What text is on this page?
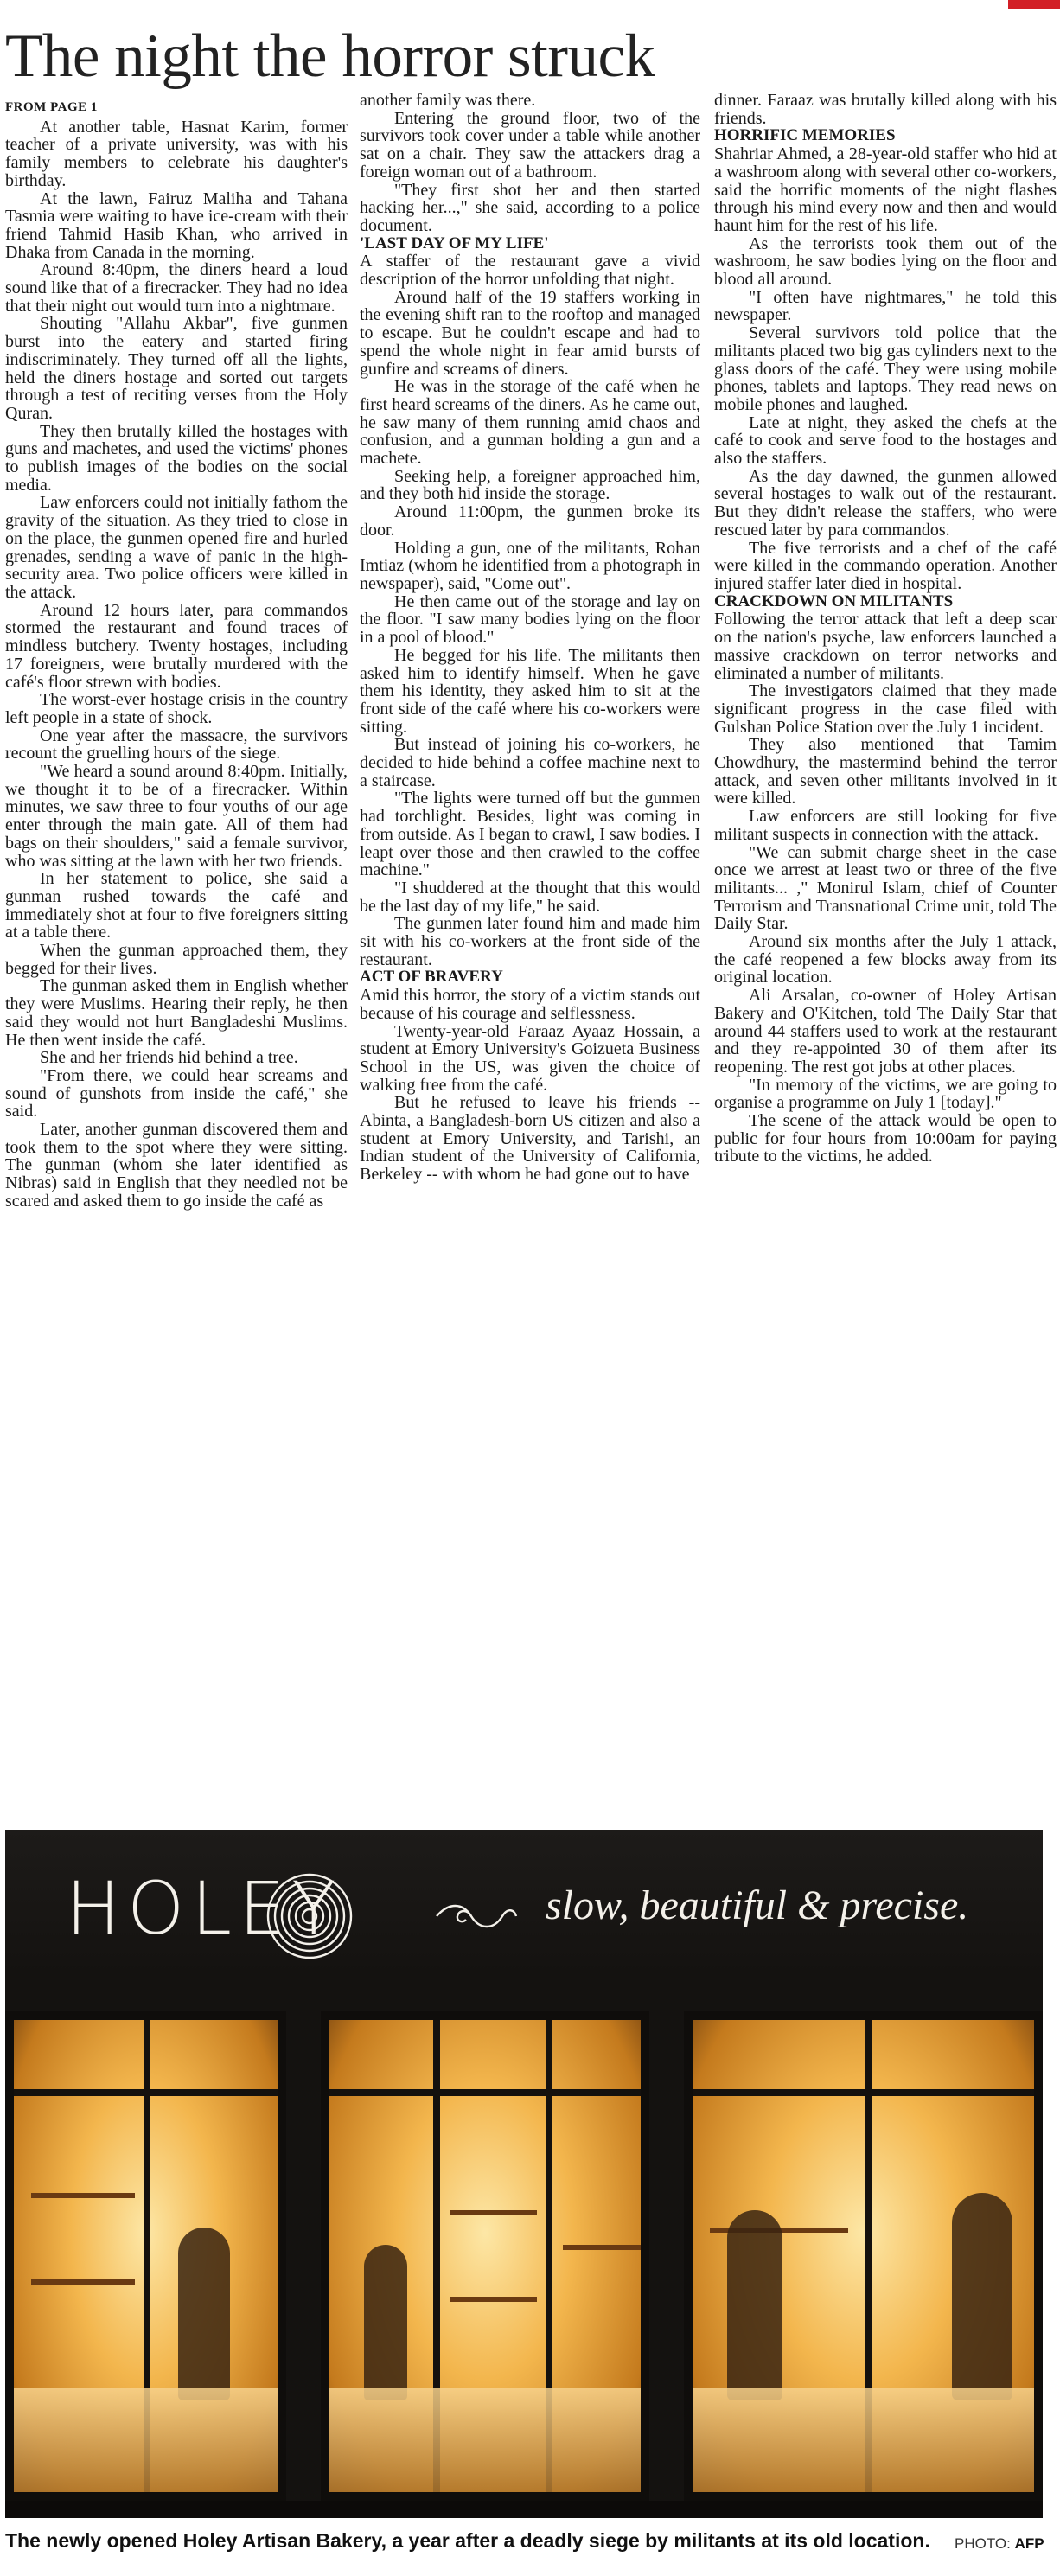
The night the horror struck

FROM PAGE 1

At another table, Hasnat Karim, former teacher of a private university, was with his family members to celebrate his daughter's birthday.

At the lawn, Fairuz Maliha and Tahana Tasmia were waiting to have ice-cream with their friend Tahmid Hasib Khan, who arrived in Dhaka from Canada in the morning.

Around 8:40pm, the diners heard a loud sound like that of a firecracker. They had no idea that their night out would turn into a nightmare.

Shouting "Allahu Akbar", five gunmen burst into the eatery and started firing indiscriminately. They turned off all the lights, held the diners hostage and sorted out targets through a test of reciting verses from the Holy Quran.

They then brutally killed the hostages with guns and machetes, and used the victims' phones to publish images of the bodies on the social media.

Law enforcers could not initially fathom the gravity of the situation. As they tried to close in on the place, the gunmen opened fire and hurled grenades, sending a wave of panic in the high-security area. Two police officers were killed in the attack.

Around 12 hours later, para commandos stormed the restaurant and found traces of mindless butchery. Twenty hostages, including 17 foreigners, were brutally murdered with the café's floor strewn with bodies.

The worst-ever hostage crisis in the country left people in a state of shock.

One year after the massacre, the survivors recount the gruelling hours of the siege.

"We heard a sound around 8:40pm. Initially, we thought it to be of a firecracker. Within minutes, we saw three to four youths of our age enter through the main gate. All of them had bags on their shoulders," said a female survivor, who was sitting at the lawn with her two friends.

In her statement to police, she said a gunman rushed towards the café and immediately shot at four to five foreigners sitting at a table there.

When the gunman approached them, they begged for their lives.

The gunman asked them in English whether they were Muslims. Hearing their reply, he then said they would not hurt Bangladeshi Muslims. He then went inside the café.

She and her friends hid behind a tree.

"From there, we could hear screams and sound of gunshots from inside the café," she said.

Later, another gunman discovered them and took them to the spot where they were sitting. The gunman (whom she later identified as Nibras) said in English that they needled not be scared and asked them to go inside the café as

another family was there.

Entering the ground floor, two of the survivors took cover under a table while another sat on a chair. They saw the attackers drag a foreign woman out of a bathroom.

"They first shot her and then started hacking her...," she said, according to a police document.

'LAST DAY OF MY LIFE'

A staffer of the restaurant gave a vivid description of the horror unfolding that night.

Around half of the 19 staffers working in the evening shift ran to the rooftop and managed to escape. But he couldn't escape and had to spend the whole night in fear amid bursts of gunfire and screams of diners.

He was in the storage of the café when he first heard screams of the diners. As he came out, he saw many of them running amid chaos and confusion, and a gunman holding a gun and a machete.

Seeking help, a foreigner approached him, and they both hid inside the storage.

Around 11:00pm, the gunmen broke its door.

Holding a gun, one of the militants, Rohan Imtiaz (whom he identified from a photograph in newspaper), said, "Come out".

He then came out of the storage and lay on the floor. "I saw many bodies lying on the floor in a pool of blood."

He begged for his life. The militants then asked him to identify himself. When he gave them his identity, they asked him to sit at the front side of the café where his co-workers were sitting.

But instead of joining his co-workers, he decided to hide behind a coffee machine next to a staircase.

"The lights were turned off but the gunmen had torchlight. Besides, light was coming in from outside. As I began to crawl, I saw bodies. I leapt over those and then crawled to the coffee machine."

"I shuddered at the thought that this would be the last day of my life," he said.

The gunmen later found him and made him sit with his co-workers at the front side of the restaurant.

ACT OF BRAVERY

Amid this horror, the story of a victim stands out because of his courage and selflessness.

Twenty-year-old Faraaz Ayaaz Hossain, a student at Emory University's Goizueta Business School in the US, was given the choice of walking free from the café.

But he refused to leave his friends -- Abinta, a Bangladesh-born US citizen and also a student at Emory University, and Tarishi, an Indian student of the University of California, Berkeley -- with whom he had gone out to have

dinner. Faraaz was brutally killed along with his friends.

HORRIFIC MEMORIES

Shahriar Ahmed, a 28-year-old staffer who hid at a washroom along with several other co-workers, said the horrific moments of the night flashes through his mind every now and then and would haunt him for the rest of his life.

As the terrorists took them out of the washroom, he saw bodies lying on the floor and blood all around.

"I often have nightmares," he told this newspaper.

Several survivors told police that the militants placed two big gas cylinders next to the glass doors of the café. They were using mobile phones, tablets and laptops. They read news on mobile phones and laughed.

Late at night, they asked the chefs at the café to cook and serve food to the hostages and also the staffers.

As the day dawned, the gunmen allowed several hostages to walk out of the restaurant. But they didn't release the staffers, who were rescued later by para commandos.

The five terrorists and a chef of the café were killed in the commando operation. Another injured staffer later died in hospital.

CRACKDOWN ON MILITANTS

Following the terror attack that left a deep scar on the nation's psyche, law enforcers launched a massive crackdown on terror networks and eliminated a number of militants.

The investigators claimed that they made significant progress in the case filed with Gulshan Police Station over the July 1 incident.

They also mentioned that Tamim Chowdhury, the mastermind behind the terror attack, and seven other militants involved in it were killed.

Law enforcers are still looking for five militant suspects in connection with the attack.

"We can submit charge sheet in the case once we arrest at least two or three of the five militants... ," Monirul Islam, chief of Counter Terrorism and Transnational Crime unit, told The Daily Star.

Around six months after the July 1 attack, the café reopened a few blocks away from its original location.

Ali Arsalan, co-owner of Holey Artisan Bakery and O'Kitchen, told The Daily Star that around 44 staffers used to work at the restaurant and they re-appointed 30 of them after its reopening. The rest got jobs at other places.

"In memory of the victims, we are going to organise a programme on July 1 [today]."

The scene of the attack would be open to public for four hours from 10:00am for paying tribute to the victims, he added.

HOLEY	slow, beautiful & precise.
The newly opened Holey Artisan Bakery, a year after a deadly siege by militants at its old location. PHOTO: AFP
